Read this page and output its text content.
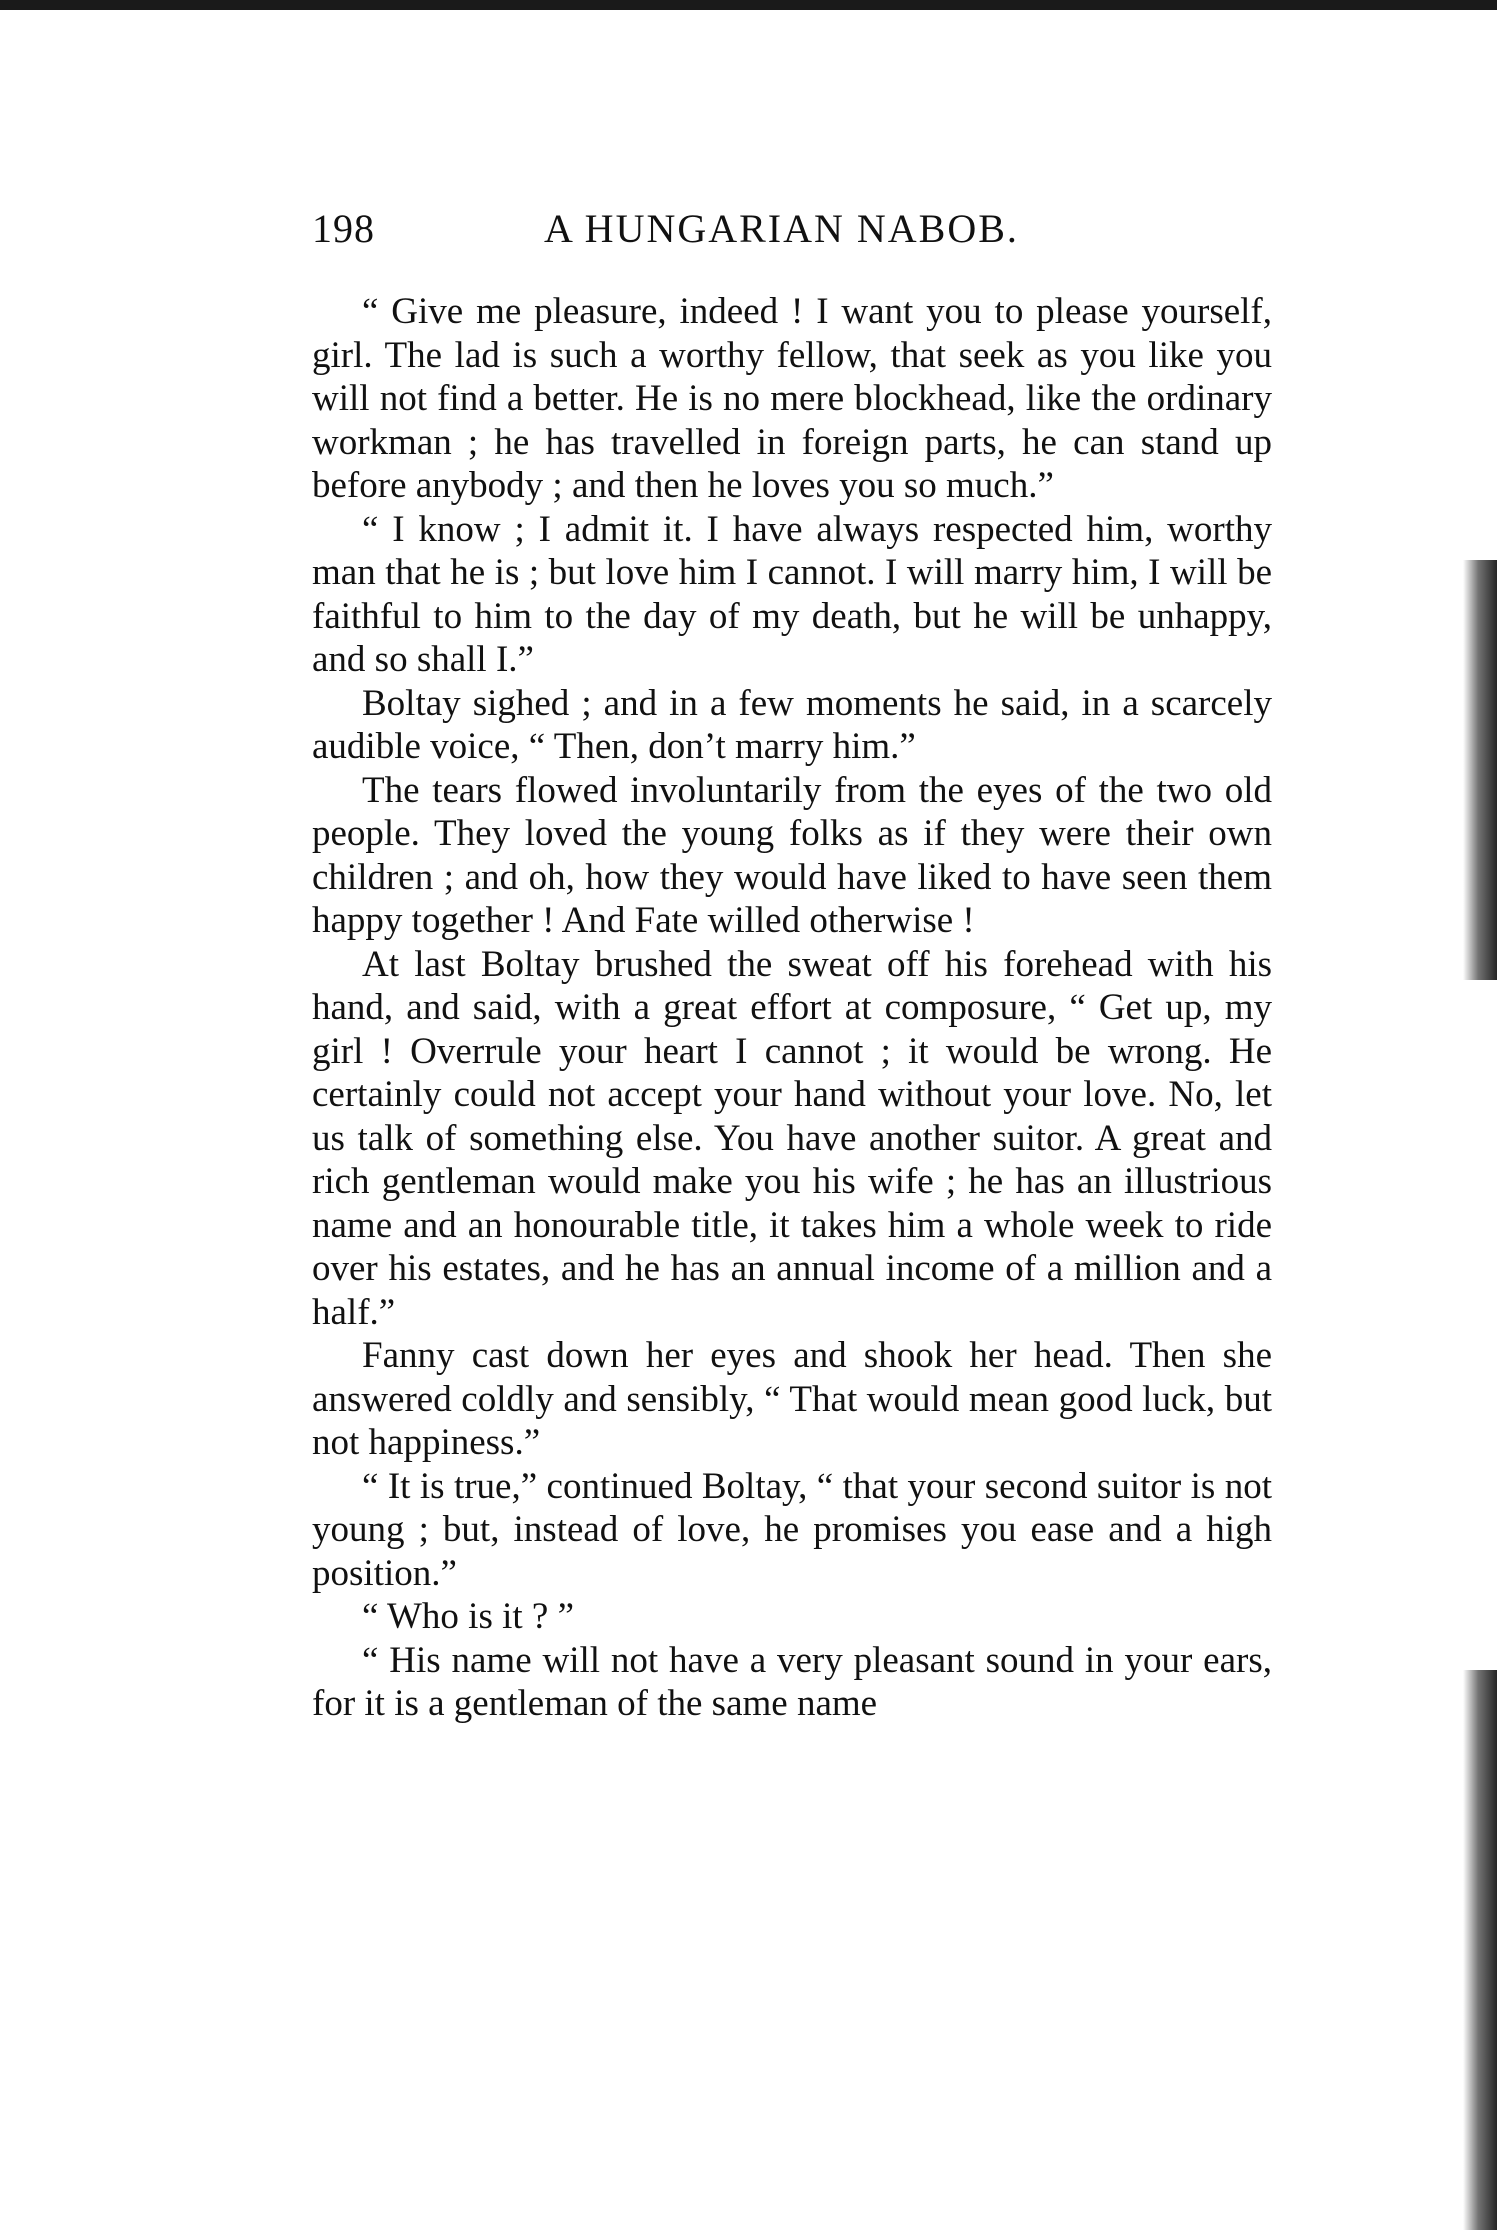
198	A HUNGARIAN NABOB.

“ Give me pleasure, indeed ! I want you to please yourself, girl. The lad is such a worthy fellow, that seek as you like you will not find a better. He is no mere blockhead, like the ordinary workman ; he has travelled in foreign parts, he can stand up before anybody ; and then he loves you so much.”

“ I know ; I admit it. I have always respected him, worthy man that he is ; but love him I cannot. I will marry him, I will be faithful to him to the day of my death, but he will be unhappy, and so shall I.”

Boltay sighed ; and in a few moments he said, in a scarcely audible voice, “ Then, don’t marry him.”

The tears flowed involuntarily from the eyes of the two old people. They loved the young folks as if they were their own children ; and oh, how they would have liked to have seen them happy together ! And Fate willed otherwise !

At last Boltay brushed the sweat off his forehead with his hand, and said, with a great effort at composure, “ Get up, my girl ! Overrule your heart I cannot ; it would be wrong. He certainly could not accept your hand without your love. No, let us talk of something else. You have another suitor. A great and rich gentleman would make you his wife ; he has an illustrious name and an honourable title, it takes him a whole week to ride over his estates, and he has an annual income of a million and a half.”

Fanny cast down her eyes and shook her head. Then she answered coldly and sensibly, “ That would mean good luck, but not happiness.”

“ It is true,” continued Boltay, “ that your second suitor is not young ; but, instead of love, he promises you ease and a high position.”

“ Who is it ? ”

“ His name will not have a very pleasant sound in your ears, for it is a gentleman of the same name
